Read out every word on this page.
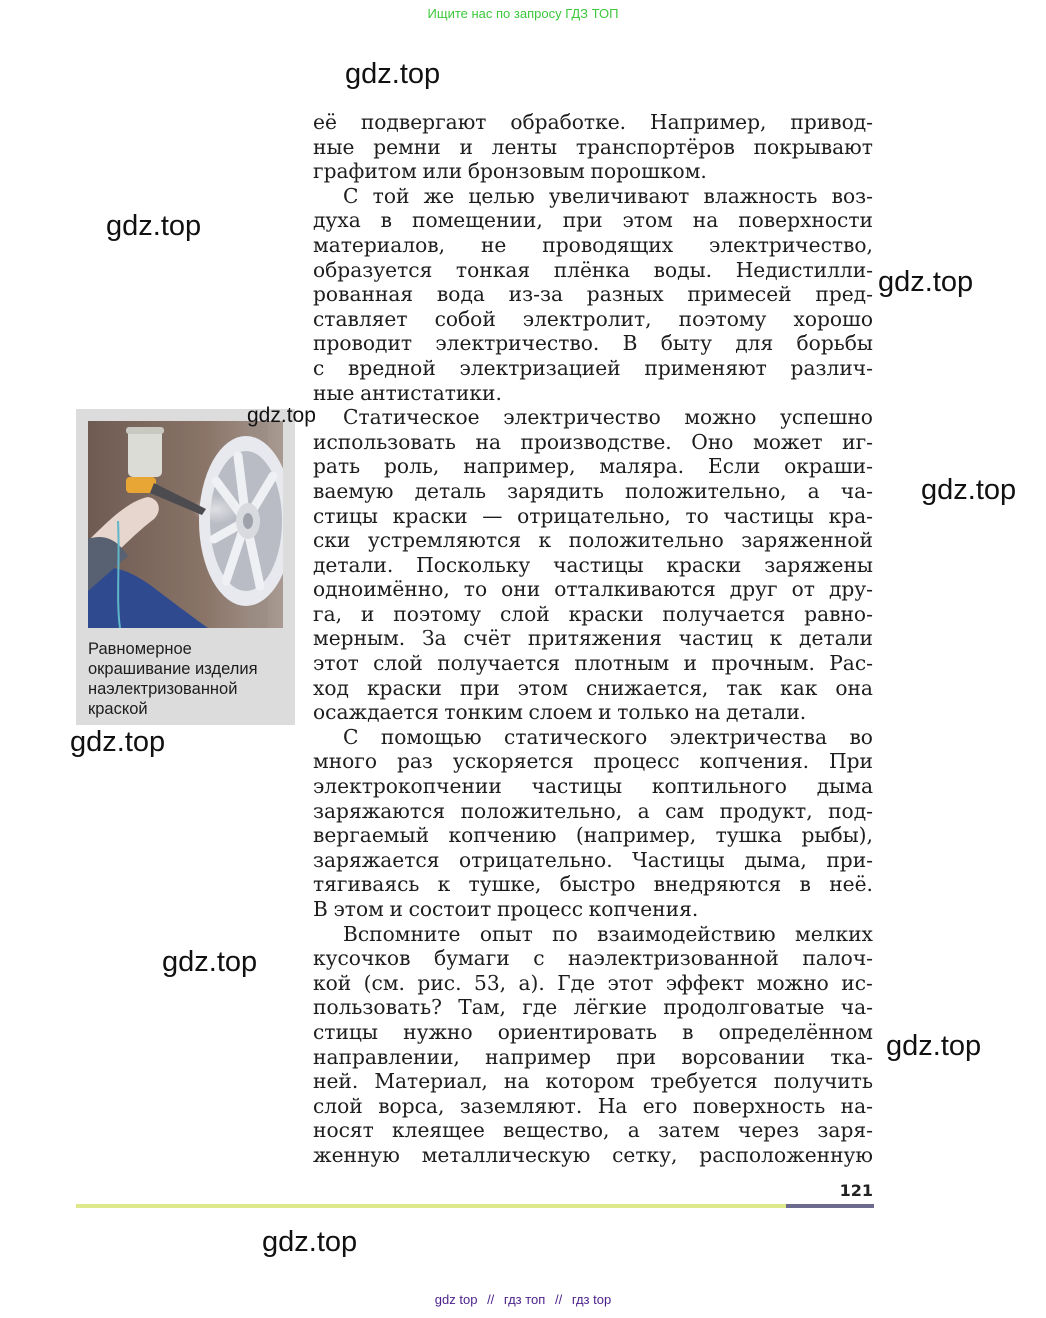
Ищите нас по запросу ГДЗ ТОП
её подвергают обработке. Например, привод-
ные ремни и ленты транспортёров покрывают
графитом или бронзовым порошком.
С той же целью увеличивают влажность воз-
духа в помещении, при этом на поверхности
материалов, не проводящих электричество,
образуется тонкая плёнка воды. Недистилли-
рованная вода из-за разных примесей пред-
ставляет собой электролит, поэтому хорошо
проводит электричество. В быту для борьбы
с вредной электризацией применяют различ-
ные антистатики.
Статическое электричество можно успешно
использовать на производстве. Оно может иг-
рать роль, например, маляра. Если окраши-
ваемую деталь зарядить положительно, а ча-
стицы краски — отрицательно, то частицы кра-
ски устремляются к положительно заряженной
детали. Поскольку частицы краски заряжены
одноимённо, то они отталкиваются друг от дру-
га, и поэтому слой краски получается равно-
мерным. За счёт притяжения частиц к детали
этот слой получается плотным и прочным. Рас-
ход краски при этом снижается, так как она
осаждается тонким слоем и только на детали.
С помощью статического электричества во
много раз ускоряется процесс копчения. При
электрокопчении частицы коптильного дыма
заряжаются положительно, а сам продукт, под-
вергаемый копчению (например, тушка рыбы),
заряжается отрицательно. Частицы дыма, при-
тягиваясь к тушке, быстро внедряются в неё.
В этом и состоит процесс копчения.
Вспомните опыт по взаимодействию мелких
кусочков бумаги с наэлектризованной палоч-
кой (см. рис. 53, а). Где этот эффект можно ис-
пользовать? Там, где лёгкие продолговатые ча-
стицы нужно ориентировать в определённом
направлении, например при ворсовании тка-
ней. Материал, на котором требуется получить
слой ворса, заземляют. На его поверхность на-
носят клеящее вещество, а затем через заря-
женную металлическую сетку, расположенную
Равномерное окрашивание изделия наэлектризованной краской
121
gdz top // гдз топ // гдз top
gdz.top
gdz.top
gdz.top
gdz.top
gdz.top
gdz.top
gdz.top
gdz.top
gdz.top
